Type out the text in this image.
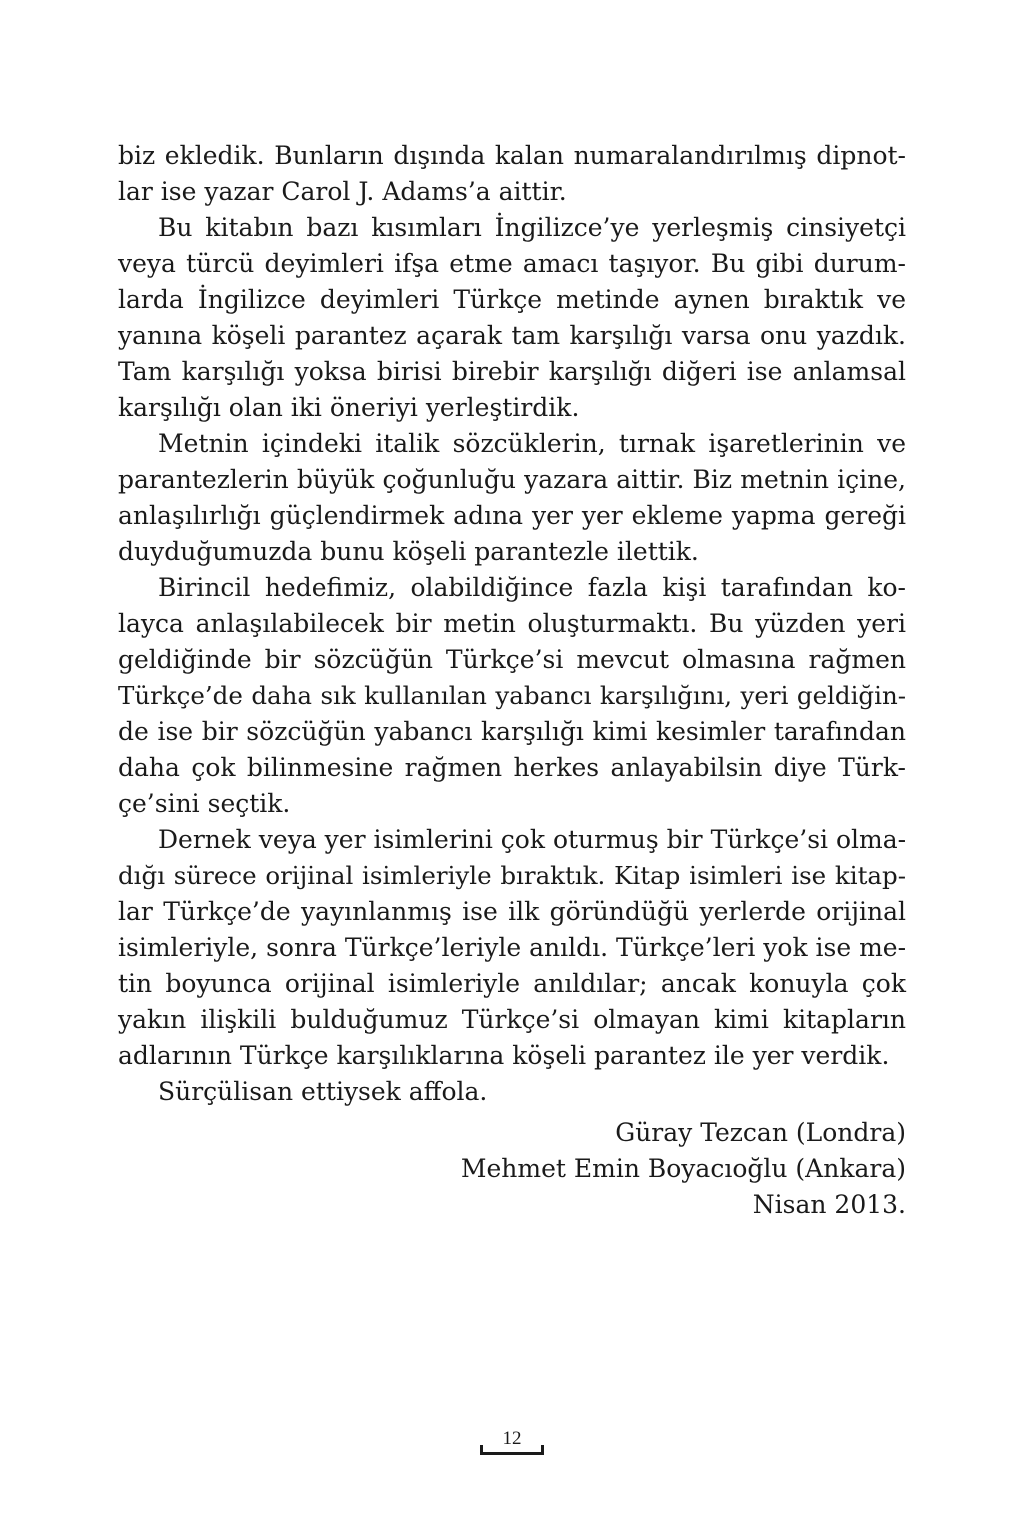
biz ekledik. Bunların dışında kalan numaralandırılmış dipnot-
lar ise yazar Carol J. Adams’a aittir.
Bu kitabın bazı kısımları İngilizce’ye yerleşmiş cinsiyetçi
veya türcü deyimleri ifşa etme amacı taşıyor. Bu gibi durum-
larda İngilizce deyimleri Türkçe metinde aynen bıraktık ve
yanına köşeli parantez açarak tam karşılığı varsa onu yazdık.
Tam karşılığı yoksa birisi birebir karşılığı diğeri ise anlamsal
karşılığı olan iki öneriyi yerleştirdik.
Metnin içindeki italik sözcüklerin, tırnak işaretlerinin ve
parantezlerin büyük çoğunluğu yazara aittir. Biz metnin içine,
anlaşılırlığı güçlendirmek adına yer yer ekleme yapma gereği
duyduğumuzda bunu köşeli parantezle ilettik.
Birincil hedefimiz, olabildiğince fazla kişi tarafından ko-
layca anlaşılabilecek bir metin oluşturmaktı. Bu yüzden yeri
geldiğinde bir sözcüğün Türkçe’si mevcut olmasına rağmen
Türkçe’de daha sık kullanılan yabancı karşılığını, yeri geldiğin-
de ise bir sözcüğün yabancı karşılığı kimi kesimler tarafından
daha çok bilinmesine rağmen herkes anlayabilsin diye Türk-
çe’sini seçtik.
Dernek veya yer isimlerini çok oturmuş bir Türkçe’si olma-
dığı sürece orijinal isimleriyle bıraktık. Kitap isimleri ise kitap-
lar Türkçe’de yayınlanmış ise ilk göründüğü yerlerde orijinal
isimleriyle, sonra Türkçe’leriyle anıldı. Türkçe’leri yok ise me-
tin boyunca orijinal isimleriyle anıldılar; ancak konuyla çok
yakın ilişkili bulduğumuz Türkçe’si olmayan kimi kitapların
adlarının Türkçe karşılıklarına köşeli parantez ile yer verdik.
Sürçülisan ettiysek affola.
Güray Tezcan (Londra)
Mehmet Emin Boyacıoğlu (Ankara)
Nisan 2013.
12
